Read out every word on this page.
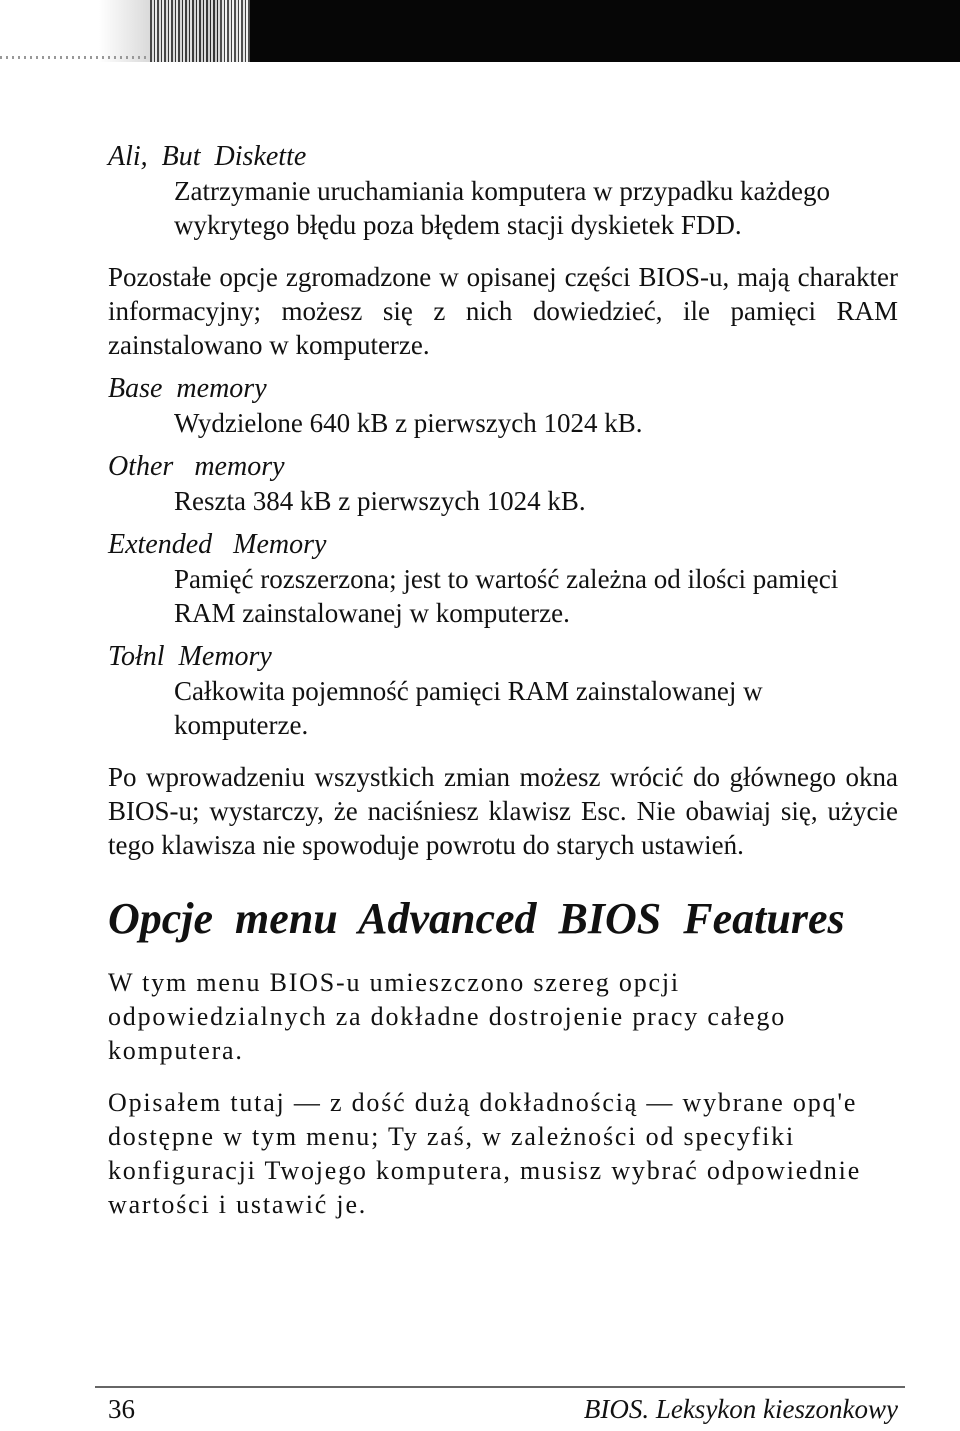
Ali,  But  Diskette

Zatrzymanie uruchamiania komputera w przypadku każdego wykrytego błędu poza błędem stacji dyskietek FDD.

Pozostałe opcje zgromadzone w opisanej części BIOS-u, mają charakter informacyjny; możesz się z nich dowiedzieć, ile pamięci RAM zainstalowano w komputerze.

Base  memory

Wydzielone 640 kB z pierwszych 1024 kB.

Other   memory

Reszta 384 kB z pierwszych 1024 kB.

Extended   Memory

Pamięć rozszerzona; jest to wartość zależna od ilości pamięci RAM zainstalowanej w komputerze.

Tołnl  Memory

Całkowita pojemność pamięci RAM zainstalowanej w komputerze.

Po wprowadzeniu wszystkich zmian możesz wrócić do głównego okna BIOS-u; wystarczy, że naciśniesz klawisz Esc. Nie obawiaj się, użycie tego klawisza nie spowoduje powrotu do starych ustawień.

Opcje  menu  Advanced  BIOS  Features

W tym menu BIOS-u umieszczono szereg opcji odpowiedzialnych za dokładne dostrojenie pracy całego komputera.

Opisałem tutaj — z dość dużą dokładnością — wybrane opq'e dostępne w tym menu; Ty zaś, w zależności od specyfiki konfiguracji Twojego komputera, musisz wybrać odpowiednie wartości i ustawić je.

36	BIOS. Leksykon kieszonkowy
